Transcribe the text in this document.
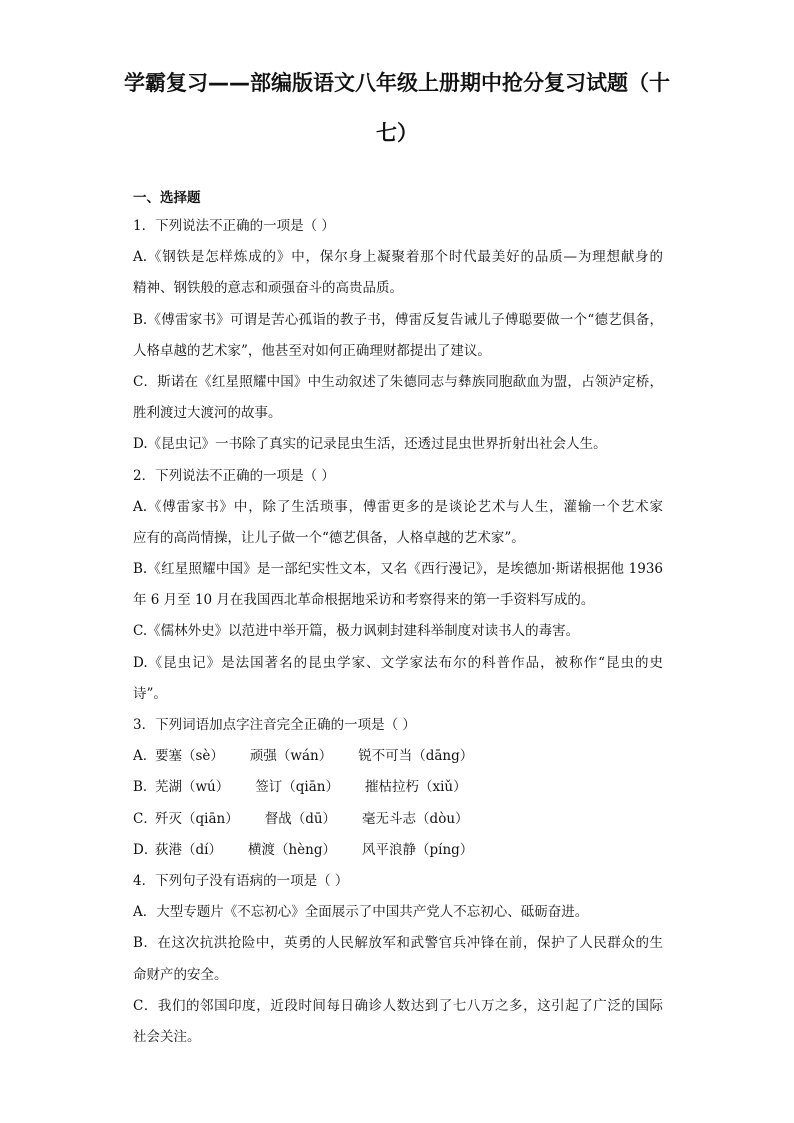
学霸复习——部编版语文八年级上册期中抢分复习试题（十
七）
一、选择题
1．下列说法不正确的一项是（ ）
A.《钢铁是怎样炼成的》中，保尔身上凝聚着那个时代最美好的品质—为理想献身的
精神、钢铁般的意志和顽强奋斗的高贵品质。
B.《傅雷家书》可谓是苦心孤诣的教子书，傅雷反复告诫儿子傅聪要做一个“德艺俱备，
人格卓越的艺术家”，他甚至对如何正确理财都提出了建议。
C．斯诺在《红星照耀中国》中生动叙述了朱德同志与彝族同胞歃血为盟，占领泸定桥，
胜利渡过大渡河的故事。
D.《昆虫记》一书除了真实的记录昆虫生活，还透过昆虫世界折射出社会人生。
2．下列说法不正确的一项是（ ）
A.《傅雷家书》中，除了生活琐事，傅雷更多的是谈论艺术与人生，灌输一个艺术家
应有的高尚情操，让儿子做一个“德艺俱备，人格卓越的艺术家”。
B.《红星照耀中国》是一部纪实性文本，又名《西行漫记》，是埃德加·斯诺根据他 1936
年 6 月至 10 月在我国西北革命根据地采访和考察得来的第一手资料写成的。
C.《儒林外史》以范进中举开篇，极力讽刺封建科举制度对读书人的毒害。
D.《昆虫记》是法国著名的昆虫学家、文学家法布尔的科普作品，被称作“昆虫的史
诗”。
3．下列词语加点字注音完全正确的一项是（ ）
A．
要塞（sè） 顽强（wán） 锐不可当（dāng）
B．
芜湖（wú） 签订（qiān） 摧枯拉朽（xiǔ）
C．
歼灭（qiān） 督战（dū） 毫无斗志（dòu）
D．
荻港（dí） 横渡（hèng） 风平浪静（píng）
4．下列句子没有语病的一项是（ ）
A．大型专题片《不忘初心》全面展示了中国共产党人不忘初心、砥砺奋进。
B．在这次抗洪抢险中，英勇的人民解放军和武警官兵冲锋在前，保护了人民群众的生
命财产的安全。
C．我们的邻国印度，近段时间每日确诊人数达到了七八万之多，这引起了广泛的国际
社会关注。
